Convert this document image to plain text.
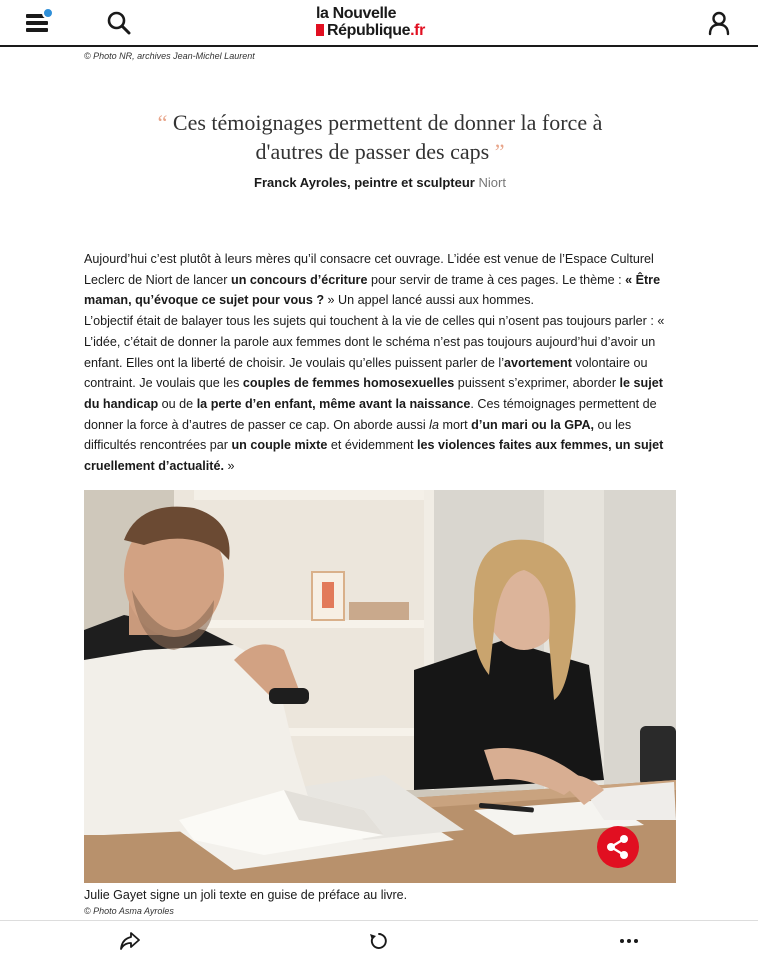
la Nouvelle
République.fr
© Photo NR, archives Jean-Michel Laurent
“ Ces témoignages permettent de donner la force à d'autres de passer des caps ”
Franck Ayroles, peintre et sculpteur Niort

Aujourd’hui c’est plutôt à leurs mères qu’il consacre cet ouvrage. L’idée est venue de l’Espace Culturel Leclerc de Niort de lancer un concours d’écriture pour servir de trame à ces pages. Le thème : « Être maman, qu’évoque ce sujet pour vous ? » Un appel lancé aussi aux hommes.

L’objectif était de balayer tous les sujets qui touchent à la vie de celles qui n’osent pas toujours parler : « L’idée, c’était de donner la parole aux femmes dont le schéma n’est pas toujours aujourd’hui d’avoir un enfant. Elles ont la liberté de choisir. Je voulais qu’elles puissent parler de l’avortement volontaire ou contraint. Je voulais que les couples de femmes homosexuelles puissent s’exprimer, aborder le sujet du handicap ou de la perte d’en enfant, même avant la naissance. Ces témoignages permettent de donner la force à d’autres de passer ce cap. On aborde aussi la mort d’un mari ou la GPA, ou les difficultés rencontrées par un couple mixte et évidemment les violences faites aux femmes, un sujet cruellement d’actualité. »

Julie Gayet signe un joli texte en guise de préface au livre.
© Photo Asma Ayroles
